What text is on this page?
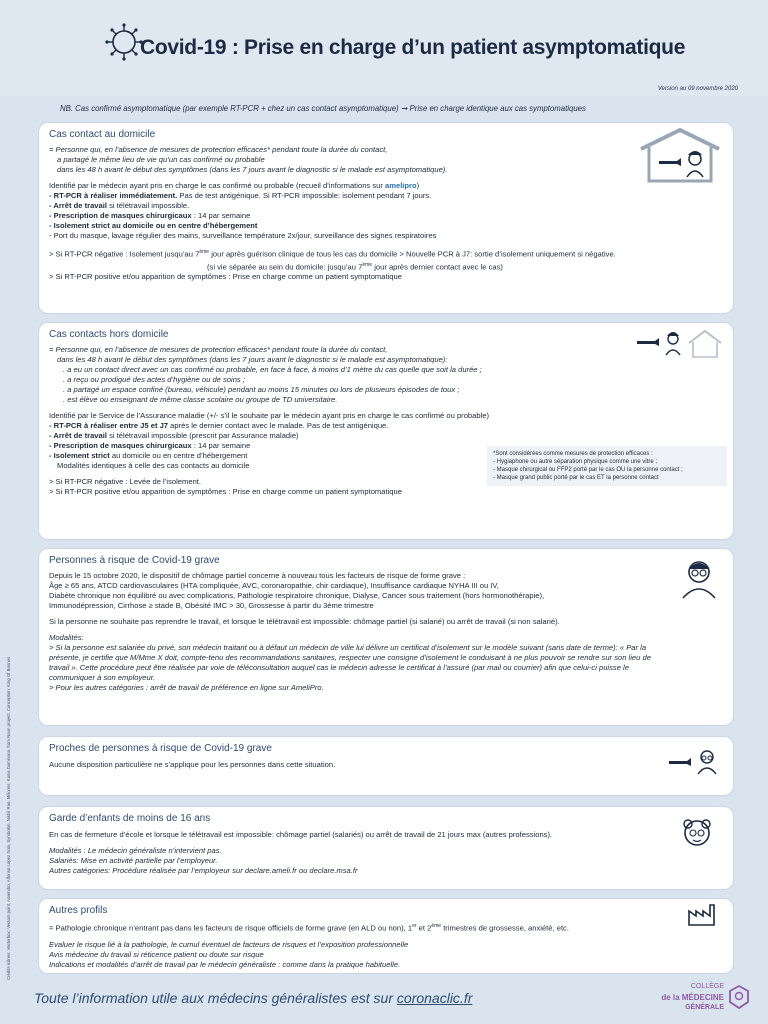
Covid-19 : Prise en charge d’un patient asymptomatique
Version au 09 novembre 2020
NB. Cas confirmé asymptomatique (par exemple RT-PCR + chez un cas contact asymptomatique) ➞ Prise en charge identique aux cas symptomatiques
Cas contact au domicile

= Personne qui, en l’absence de mesures de protection efficaces* pendant toute la durée du contact,

a partagé le même lieu de vie qu’un cas confirmé ou probable

dans les 48 h avant le début des symptômes (dans les 7 jours avant le diagnostic si le malade est asymptomatique).

Identifié par le médecin ayant pris en charge le cas confirmé ou probable (recueil d’informations sur amelipro)

- RT-PCR à réaliser immédiatement. Pas de test antigénique. Si RT-PCR impossible: isolement pendant 7 jours.

- Arrêt de travail si télétravail impossible.

- Prescription de masques chirurgicaux : 14 par semaine

- Isolement strict au domicile ou en centre d’hébergement

- Port du masque, lavage régulier des mains, surveillance température 2x/jour, surveillance des signes respiratoires

> Si RT-PCR négative : Isolement jusqu’au 7ème jour après guérison clinique de tous les cas du domicile > Nouvelle PCR à J7: sortie d’isolement uniquement si négative.

(si vie séparée au sein du domicile: jusqu’au 7ème jour après dernier contact avec le cas)

> Si RT-PCR positive et/ou apparition de symptômes : Prise en charge comme un patient symptomatique

Cas contacts hors domicile

= Personne qui, en l’absence de mesures de protection efficaces* pendant toute la durée du contact,

dans les 48 h avant le début des symptômes (dans les 7 jours avant le diagnostic si le malade est asymptomatique):

. a eu un contact direct avec un cas confirmé ou probable, en face à face, à moins d’1 mètre du cas quelle que soit la durée ;

. a reçu ou prodigué des actes d’hygiène ou de soins ;

. a partagé un espace confiné (bureau, véhicule) pendant au moins 15 minutes ou lors de plusieurs épisodes de toux ;

. est élève ou enseignant de même classe scolaire ou groupe de TD universitaire.

Identifié par le Service de l’Assurance maladie (+/- s’il le souhaite par le médecin ayant pris en charge le cas confirmé ou probable)

- RT-PCR à réaliser entre J5 et J7 après le dernier contact avec le malade. Pas de test antigénique.

- Arrêt de travail si télétravail impossible (prescrit par Assurance maladie)

- Prescription de masques chirurgicaux : 14 par semaine

- Isolement strict au domicile ou en centre d’hébergement

Modalités identiques à celle des cas contacts au domicile

> Si RT-PCR négative : Levée de l’isolement.

> Si RT-PCR positive et/ou apparition de symptômes : Prise en charge comme un patient symptomatique

*Sont considérées comme mesures de protection efficaces :

- Hygiaphone ou autre séparation physique comme une vitre ;

- Masque chirurgical ou FFP2 porté par le cas OU la personne contact ;

- Masque grand public porté par le cas ET la personne contact

Personnes à risque de Covid-19 grave

Depuis le 15 octobre 2020, le dispositif de chômage partiel concerne à nouveau tous les facteurs de risque de forme grave :

Âge ≥ 65 ans, ATCD cardiovasculaires (HTA compliquée, AVC, coronaropathie, chir cardiaque), Insuffisance cardiaque NYHA III ou IV,

Diabète chronique non équilibré ou avec complications, Pathologie respiratoire chronique, Dialyse, Cancer sous traitement (hors hormonothérapie),

Immunodépression, Cirrhose ≥ stade B, Obésité IMC > 30, Grossesse à partir du 3ème trimestre

Si la personne ne souhaite pas reprendre le travail, et lorsque le télétravail est impossible: chômage partiel (si salarié) ou arrêt de travail (si non salarié).

Modalités:

> Si la personne est salariée du privé, son médecin traitant ou à défaut un médecin de ville lui délivre un certificat d’isolement sur le modèle suivant (sans date de terme): « Par la

présente, je certifie que M/Mme X doit, compte-tenu des recommandations sanitaires, respecter une consigne d’isolement le conduisant à ne plus pouvoir se rendre sur son lieu de

travail ». Cette procédure peut être réalisée par voie de téléconsultation auquel cas le médecin adresse le certificat à l’assuré (par mail ou courrier) afin que celui-ci puisse le

communiquer à son employeur.

> Pour les autres catégories : arrêt de travail de préférence en ligne sur AmeliPro.

Proches de personnes à risque de Covid-19 grave

Aucune disposition particulière ne s’applique pour les personnes dans cette situation.

Garde d’enfants de moins de 16 ans

En cas de fermeture d’école et lorsque le télétravail est impossible: chômage partiel (salariés) ou arrêt de travail de 21 jours max (autres professions).

Modalités : Le médecin généraliste n’intervient pas.

Salariés: Mise en activité partielle par l’employeur.

Autres catégories: Procédure réalisée par l’employeur sur declare.ameli.fr ou declare.msa.fr

Autres profils

= Pathologie chronique n’entrant pas dans les facteurs de risque officiels de forme grave (en ALD ou non), 1er et 2ème trimestres de grossesse, anxiété, etc.

Evaluer le risque lié à la pathologie, le cumul éventuel de facteurs de risques et l’exposition professionnelle

Avis médecine du travail si réticence patient ou doute sur risque

Indications et modalités d’arrêt de travail par le médecin généraliste : comme dans la pratique habituelle.

Crédits icônes: Vectorbox; Vectors point, Aswindro, Alfonso López Sola, Symbolon, Nikhil Rao, Milicons, Kasia Dominaco, from Noun project. Conception: King Of Bonnes
Toute l’information utile aux médecins généralistes est sur coronaclic.fr
COLLÈGE
de la MÉDECINE
GÉNÉRALE
